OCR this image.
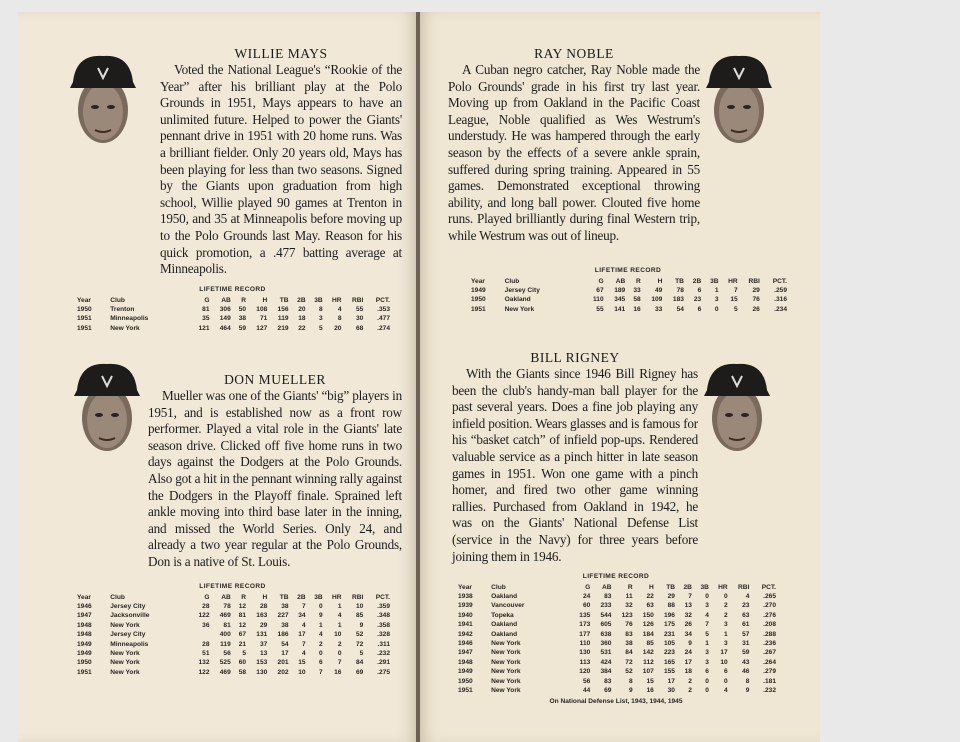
WILLIE MAYS

Voted the National League's “Rookie of the Year” after his brilliant play at the Polo Grounds in 1951, Mays appears to have an unlimited future. Helped to power the Giants' pennant drive in 1951 with 20 home runs. Was a brilliant fielder. Only 20 years old, Mays has been playing for less than two seasons. Signed by the Giants upon graduation from high school, Willie played 90 games at Trenton in 1950, and 35 at Minneapolis before moving up to the Polo Grounds last May. Reason for his quick promotion, a .477 batting average at Minneapolis.

LIFETIME RECORD
Year	Club	G	AB	R	H	TB	2B	3B	HR	RBI	PCT.
1950	Trenton	81	306	50	108	156	20	8	4	55	.353
1951	Minneapolis	35	149	38	71	119	18	3	8	30	.477
1951	New York	121	464	59	127	219	22	5	20	68	.274
DON MUELLER

Mueller was one of the Giants' “big” players in 1951, and is established now as a front row performer. Played a vital role in the Giants' late season drive. Clicked off five home runs in two days against the Dodgers at the Polo Grounds. Also got a hit in the pennant winning rally against the Dodgers in the Playoff finale. Sprained left ankle moving into third base later in the inning, and missed the World Series. Only 24, and already a two year regular at the Polo Grounds, Don is a native of St. Louis.

LIFETIME RECORD
Year	Club	G	AB	R	H	TB	2B	3B	HR	RBI	PCT.
1946	Jersey City	28	78	12	28	38	7	0	1	10	.359
1947	Jacksonville	122	469	81	163	227	34	9	4	85	.348
1948	New York	36	81	12	29	38	4	1	1	9	.358
1948	Jersey City		400	67	131	186	17	4	10	52	.328
1949	Minneapolis	28	119	21	37	54	7	2	2	72	.311
1949	New York	51	56	5	13	17	4	0	0	5	.232
1950	New York	132	525	60	153	201	15	6	7	84	.291
1951	New York	122	469	58	130	202	10	7	16	69	.275
RAY NOBLE

A Cuban negro catcher, Ray Noble made the Polo Grounds' grade in his first try last year. Moving up from Oakland in the Pacific Coast League, Noble qualified as Wes Westrum's understudy. He was hampered through the early season by the effects of a severe ankle sprain, suffered during spring training. Appeared in 55 games. Demonstrated exceptional throwing ability, and long ball power. Clouted five home runs. Played brilliantly during final Western trip, while Westrum was out of lineup.

LIFETIME RECORD
Year	Club	G	AB	R	H	TB	2B	3B	HR	RBI	PCT.
1949	Jersey City	67	189	33	49	78	6	1	7	29	.259
1950	Oakland	110	345	58	109	183	23	3	15	76	.316
1951	New York	55	141	16	33	54	6	0	5	26	.234
BILL RIGNEY

With the Giants since 1946 Bill Rigney has been the club's handy-man ball player for the past several years. Does a fine job playing any infield position. Wears glasses and is famous for his “basket catch” of infield pop-ups. Rendered valuable service as a pinch hitter in late season games in 1951. Won one game with a pinch homer, and fired two other game winning rallies. Purchased from Oakland in 1942, he was on the Giants' National Defense List (service in the Navy) for three years before joining them in 1946.

LIFETIME RECORD
Year	Club	G	AB	R	H	TB	2B	3B	HR	RBI	PCT.
1938	Oakland	24	83	11	22	29	7	0	0	4	.265
1939	Vancouver	60	233	32	63	88	13	3	2	23	.270
1940	Topeka	135	544	123	150	196	32	4	2	63	.276
1941	Oakland	173	605	76	126	175	26	7	3	61	.208
1942	Oakland	177	638	83	184	231	34	5	1	57	.288
1946	New York	110	360	38	85	105	9	1	3	31	.236
1947	New York	130	531	84	142	223	24	3	17	59	.267
1948	New York	113	424	72	112	165	17	3	10	43	.264
1949	New York	120	384	52	107	155	18	6	6	46	.279
1950	New York	56	83	8	15	17	2	0	0	8	.181
1951	New York	44	69	9	16	30	2	0	4	9	.232
On National Defense List, 1943, 1944, 1945
